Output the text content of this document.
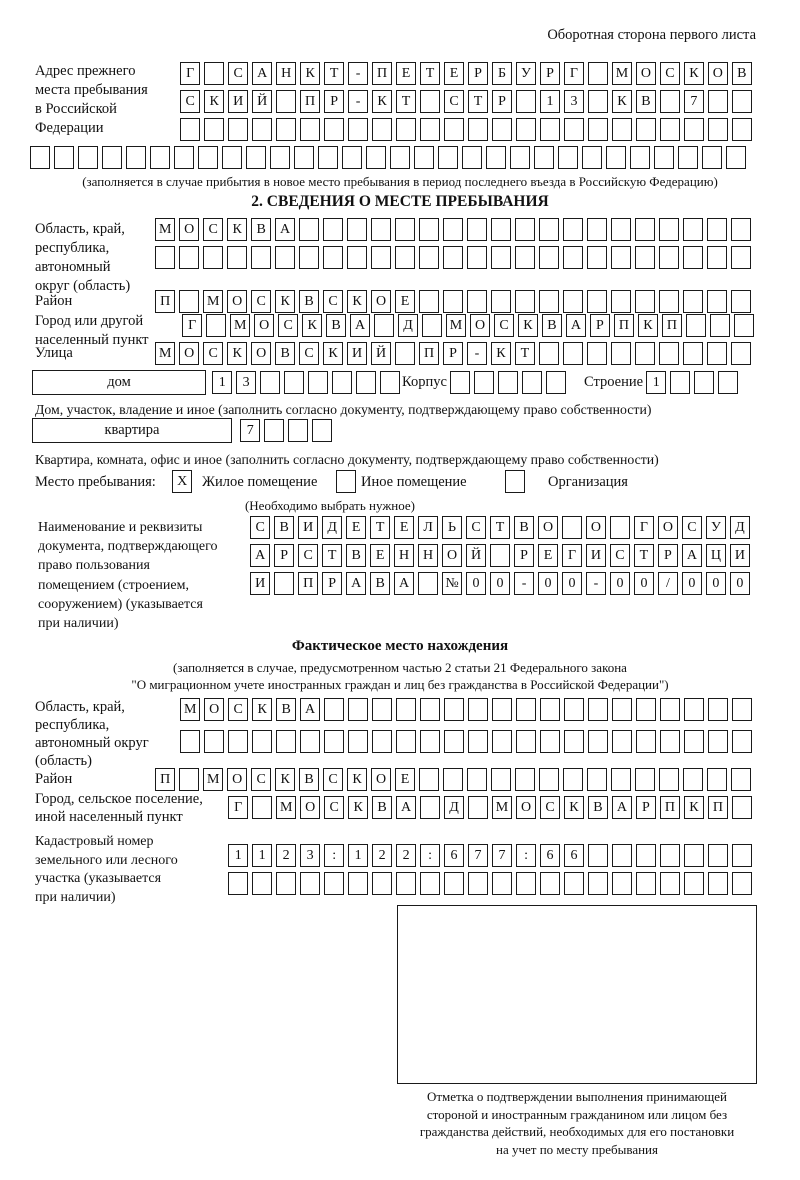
Оборотная сторона первого листа
Адрес прежнего
места пребывания
в Российской
Федерации
Г	С	А Н	К	Т	-	П	Е	Т	Е	Р	Б	У	Р	Г	М О	С	К	О	В
С	К	И Й	П	Р	-	К	Т	С	Т	Р	1	3	К	В	7
(заполняется в случае прибытия в новое место пребывания в период последнего въезда в Российскую Федерацию)
2. СВЕДЕНИЯ О МЕСТЕ ПРЕБЫВАНИЯ
Область, край,
республика,
автономный
округ (область)
М О	С	К	В	А
Район	П	М О	С	К	В	С	К	О	Е
Город или другой
населенный пункт
Г	М О	С	К	В	А	Д	М О	С	К	В	А	Р	П	К	П
Улица	М О	С	К	О	В	С	К	И Й	П	Р	-	К	Т
дом	1	3	Корпус	Строение 1
Дом, участок, владение и иное (заполнить согласно документу, подтверждающему право собственности)
квартира	7
Квартира, комната, офис и иное (заполнить согласно документу, подтверждающему право собственности)
Место пребывания:	X	Жилое помещение	Иное помещение	Организация
(Необходимо выбрать нужное)
Наименование и реквизиты
документа, подтверждающего
право пользования
помещением (строением,
сооружением) (указывается
при наличии)
С	В	И	Д	Е	Т	Е	Л	Ь	С	Т	В	О	О	Г	О	С	У	Д
А	Р	С	Т	В	Е	Н Н О Й	Р	Е	Г	И	С	Т	Р	А Ц И
И	П	Р	А	В	А	№ 0	0	-	0	0	-	0	0	/	0	0	0
Фактическое место нахождения
(заполняется в случае, предусмотренном частью 2 статьи 21 Федерального закона
"О миграционном учете иностранных граждан и лиц без гражданства в Российской Федерации")
Область, край,
республика,
автономный округ
(область)
М О	С	К	В	А
Район	П	М О	С	К	В	С	К	О	Е
Город, сельское поселение,
иной населенный пункт
Г	М О	С	К	В	А	Д	М О	С	К	В	А	Р	П	К	П
Кадастровый номер
земельного или лесного
участка (указывается
при наличии)
1	1	2	3	:	1	2	2	:	6	7	7	:	6	6
Отметка о подтверждении выполнения принимающей
стороной и иностранным гражданином или лицом без
гражданства действий, необходимых для его постановки
на учет по месту пребывания
